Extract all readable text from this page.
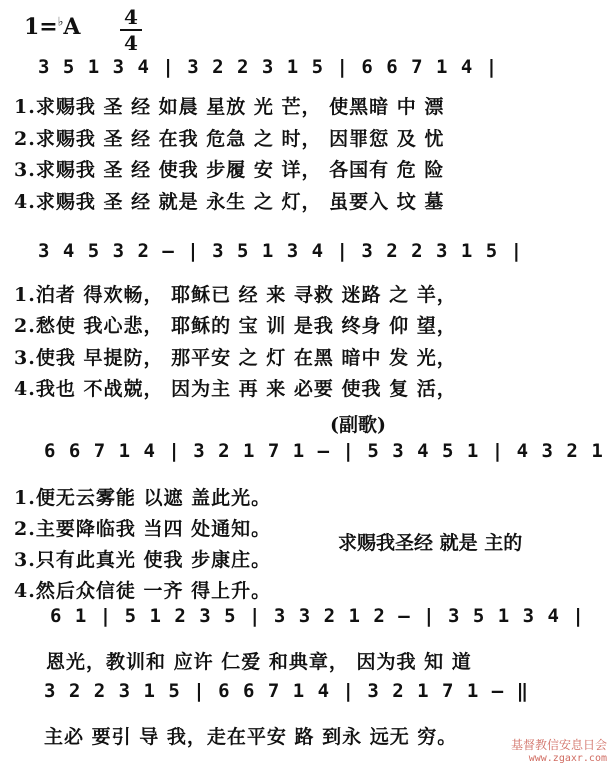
1=♭A 4
4
3 5 1 3 4 | 3 2 2 3 1 5 | 6 6 7 1 4 |
1.求赐我 圣 经 如晨 星放 光 芒， 使黑暗 中 漂
2.求赐我 圣 经 在我 危急 之 时， 因罪愆 及 忧
3.求赐我 圣 经 使我 步履 安 详， 各国有 危 险
4.求赐我 圣 经 就是 永生 之 灯， 虽要入 坟 墓
3 4 5 3 2 — | 3 5 1 3 4 | 3 2 2 3 1 5 |
1.泊者 得欢畅， 耶稣已 经 来 寻救 迷路 之 羊，
2.愁使 我心悲， 耶稣的 宝 训 是我 终身 仰 望，
3.使我 早提防， 那平安 之 灯 在黑 暗中 发 光，
4.我也 不战兢， 因为主 再 来 必要 使我 复 活，
(副歌)
6 6 7 1 4 | 3 2 1 7 1 — | 5 3 4 5 1 | 4 3 2 1
1.便无云雾能 以遮 盖此光。
2.主要降临我 当四 处通知。
3.只有此真光 使我 步康庄。
4.然后众信徒 一齐 得上升。
求赐我圣经 就是 主的
6 1 | 5 1 2 3 5 | 3 3 2 1 2 — | 3 5 1 3 4 |
恩光，教训和 应许 仁爱 和典章， 因为我 知 道
3 2 2 3 1 5 | 6 6 7 1 4 | 3 2 1 7 1 — ‖
主必 要引 导 我，走在平安 路 到永 远无 穷。	基督教信安息日会
www.zgaxr.com
